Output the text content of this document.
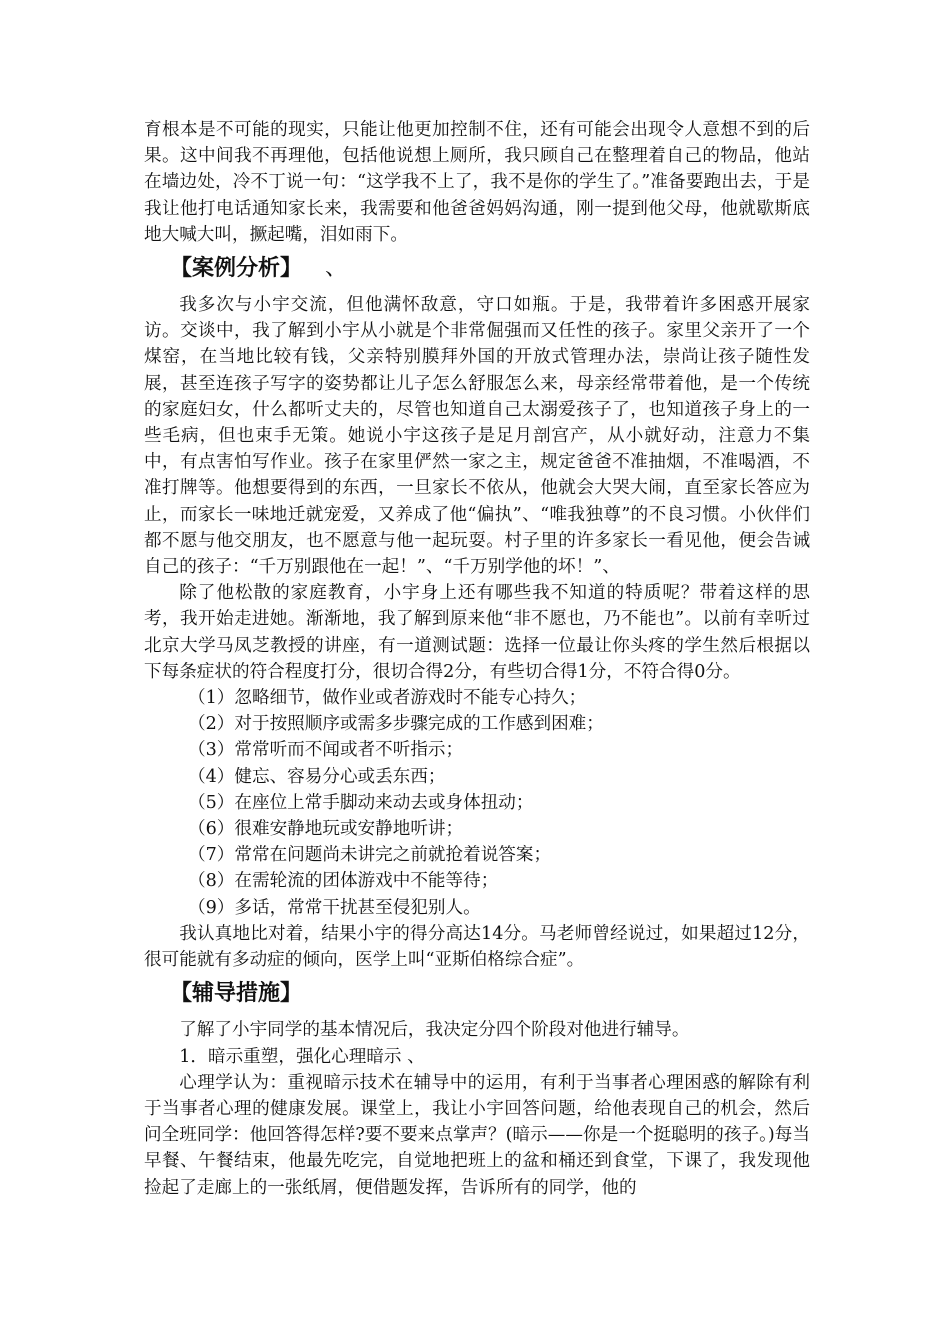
育根本是不可能的现实，只能让他更加控制不住，还有可能会出现令人意想不到的后果。这中间我不再理他，包括他说想上厕所，我只顾自己在整理着自己的物品，他站在墙边处，冷不丁说一句：“这学我不上了，我不是你的学生了。”准备要跑出去，于是我让他打电话通知家长来，我需要和他爸爸妈妈沟通，刚一提到他父母，他就歇斯底地大喊大叫，撅起嘴，泪如雨下。

【案例分析】 、

我多次与小宇交流，但他满怀敌意，守口如瓶。于是，我带着许多困惑开展家访。交谈中，我了解到小宇从小就是个非常倔强而又任性的孩子。家里父亲开了一个煤窑，在当地比较有钱，父亲特别膜拜外国的开放式管理办法，崇尚让孩子随性发展，甚至连孩子写字的姿势都让儿子怎么舒服怎么来，母亲经常带着他，是一个传统的家庭妇女，什么都听丈夫的，尽管也知道自己太溺爱孩子了，也知道孩子身上的一些毛病，但也束手无策。她说小宇这孩子是足月剖宫产，从小就好动，注意力不集中，有点害怕写作业。孩子在家里俨然一家之主，规定爸爸不准抽烟，不准喝酒，不准打牌等。他想要得到的东西，一旦家长不依从，他就会大哭大闹，直至家长答应为止，而家长一味地迁就宠爱，又养成了他“偏执”、“唯我独尊”的不良习惯。小伙伴们都不愿与他交朋友，也不愿意与他一起玩耍。村子里的许多家长一看见他，便会告诫自己的孩子：“千万别跟他在一起！”、“千万别学他的坏！”、

除了他松散的家庭教育，小宇身上还有哪些我不知道的特质呢？带着这样的思考，我开始走进她。渐渐地，我了解到原来他“非不愿也，乃不能也”。以前有幸听过北京大学马凤芝教授的讲座，有一道测试题：选择一位最让你头疼的学生然后根据以下每条症状的符合程度打分，很切合得2分，有些切合得1分，不符合得0分。

（1）忽略细节，做作业或者游戏时不能专心持久；

（2）对于按照顺序或需多步骤完成的工作感到困难；

（3）常常听而不闻或者不听指示；

（4）健忘、容易分心或丢东西；

（5）在座位上常手脚动来动去或身体扭动；

（6）很难安静地玩或安静地听讲；

（7）常常在问题尚未讲完之前就抢着说答案；

（8）在需轮流的团体游戏中不能等待；

（9）多话，常常干扰甚至侵犯别人。

我认真地比对着，结果小宇的得分高达14分。马老师曾经说过，如果超过12分，很可能就有多动症的倾向，医学上叫“亚斯伯格综合症”。

【辅导措施】

了解了小宇同学的基本情况后，我决定分四个阶段对他进行辅导。

1．暗示重塑，强化心理暗示 、

心理学认为：重视暗示技术在辅导中的运用，有利于当事者心理困惑的解除有利于当事者心理的健康发展。课堂上，我让小宇回答问题，给他表现自己的机会，然后问全班同学：他回答得怎样?要不要来点掌声？(暗示——你是一个挺聪明的孩子。)每当早餐、午餐结束，他最先吃完，自觉地把班上的盆和桶还到食堂，下课了，我发现他捡起了走廊上的一张纸屑，便借题发挥，告诉所有的同学，他的
